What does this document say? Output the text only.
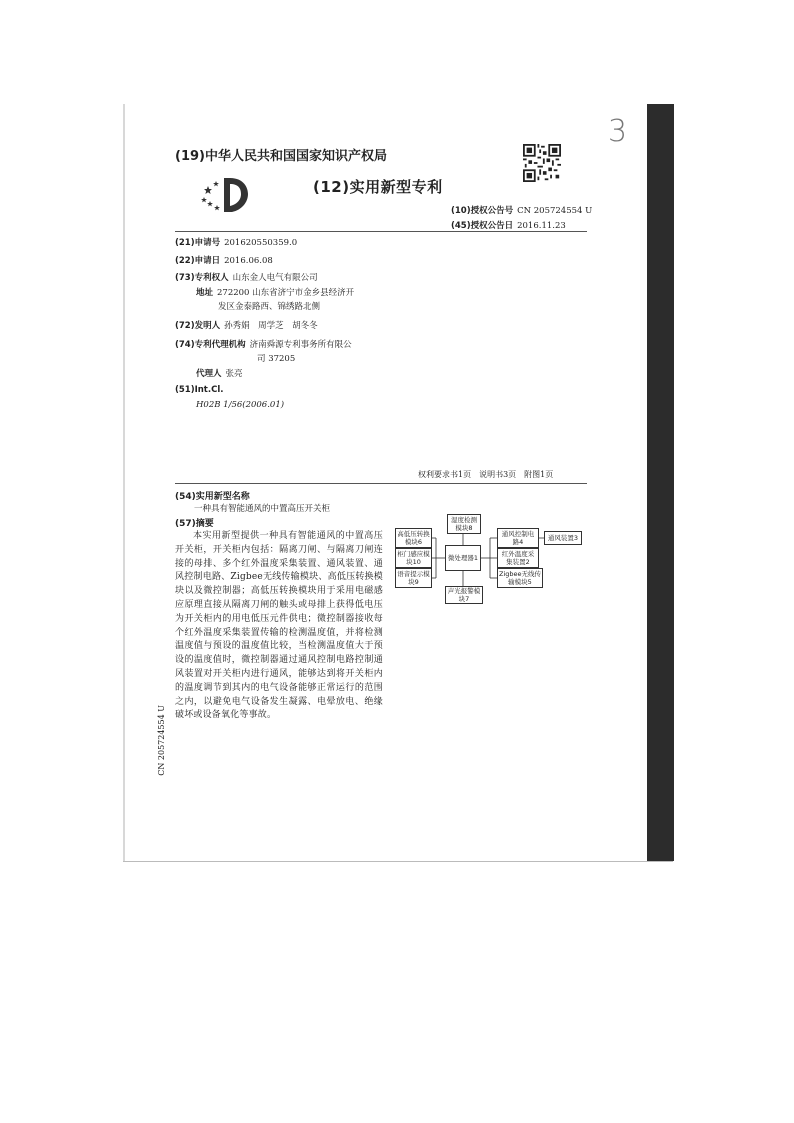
3
(19)中华人民共和国国家知识产权局
(12)实用新型专利
(10)授权公告号 CN 205724554 U
(45)授权公告日 2016.11.23
(21)申请号 201620550359.0
(22)申请日 2016.06.08
(73)专利权人 山东金人电气有限公司
地址 272200 山东省济宁市金乡县经济开
发区金泰路西、锦绣路北侧
(72)发明人 孙秀娟　周学芝　胡冬冬
(74)专利代理机构 济南舜源专利事务所有限公
司 37205
代理人 张亮
(51)Int.Cl.
H02B 1/56(2006.01)
权利要求书1页　说明书3页　附图1页
(54)实用新型名称
一种具有智能通风的中置高压开关柜
(57)摘要

本实用新型提供一种具有智能通风的中置高压开关柜，开关柜内包括：隔离刀闸、与隔离刀闸连接的母排、多个红外温度采集装置、通风装置、通风控制电路、Zigbee无线传输模块、高低压转换模块以及微控制器；高低压转换模块用于采用电磁感应原理直接从隔离刀闸的触头或母排上获得低电压为开关柜内的用电低压元件供电；微控制器接收每个红外温度采集装置传输的检测温度值，并将检测温度值与预设的温度值比较，当检测温度值大于预设的温度值时，微控制器通过通风控制电路控制通风装置对开关柜内进行通风，能够达到将开关柜内的温度调节到其内的电气设备能够正常运行的范围之内，以避免电气设备发生凝露、电晕放电、绝缘破坏或设备氧化等事故。

CN 205724554 U
湿度检测模块8
高低压转换模块6
柜门感应模块10
语音提示模块9
微处理器1
通风控制电路4	通风装置3
红外温度采集装置2
Zigbee无线传输模块5
声光报警模块7
